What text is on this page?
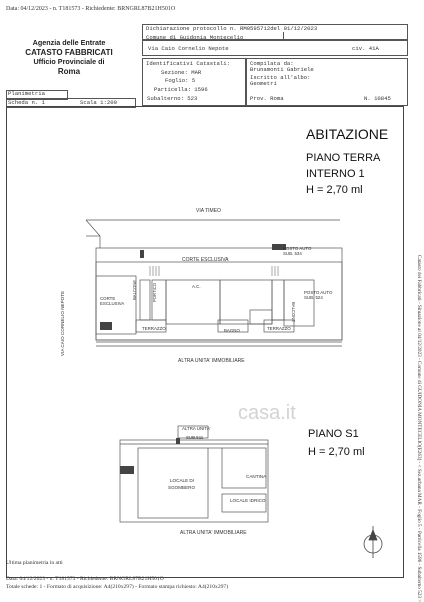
Data: 04/12/2023 - n. T181573 - Richiedente: BRNGRL87B21H501O
Agenzia delle Entrate
CATASTO FABBRICATI
Ufficio Provinciale di
Roma
Dichiarazione protocollo n. RM0595712del 01/12/2023
Comune di Guidonia Montecelio
Via Caio Cornelio Nepote	civ. 41A
Identificativi Catastali:
Sezione: MAR
Foglio: 5
Particella: 1596
Subalterno: 523
Compilata da:
Brunamonti Gabriele
Iscritto all'albo:
Geometri
Prov. Roma	N. 10845
Planimetria
Scheda n. 1	Scala 1:200
ABITAZIONE
PIANO TERRA
INTERNO 1
H = 2,70 ml
VIA TIMEO
CORTE ESCLUSIVA
POSTO AUTO SUB. 534
POSTO AUTO SUB. 524
CORTE ESCLUSIVA
BALCONE	PORTICO
BALCONE
A.C.
TERRAZZO	TERRAZZO
BAGNO
ALTRA UNITA' IMMOBILIARE
VIA CAIO CORNELIO NEPOTE
PIANO S1
H = 2,70 ml
casa.it
ALTRA UNITA'
SUB.511
CANTINA
LOCALE DI
SGOMBERO
LOCALE IDRICO
ALTRA UNITA' IMMOBILIARE	Catasto dei Fabbricati - Situazione al 04/12/2023 - Comune di GUIDONIA MONTECELIO(E263) - < Sez.urbana MAR - Foglio 5 - Particella 1596 - Subalterno 523 >
Ultima planimetria in atti
Data: 04/12/2023 - n. T181573 - Richiedente: BRNGRL87B21H501O
Totale schede: 1 - Formato di acquisizione: A4(210x297) - Formato stampa richiesto: A4(210x297)
